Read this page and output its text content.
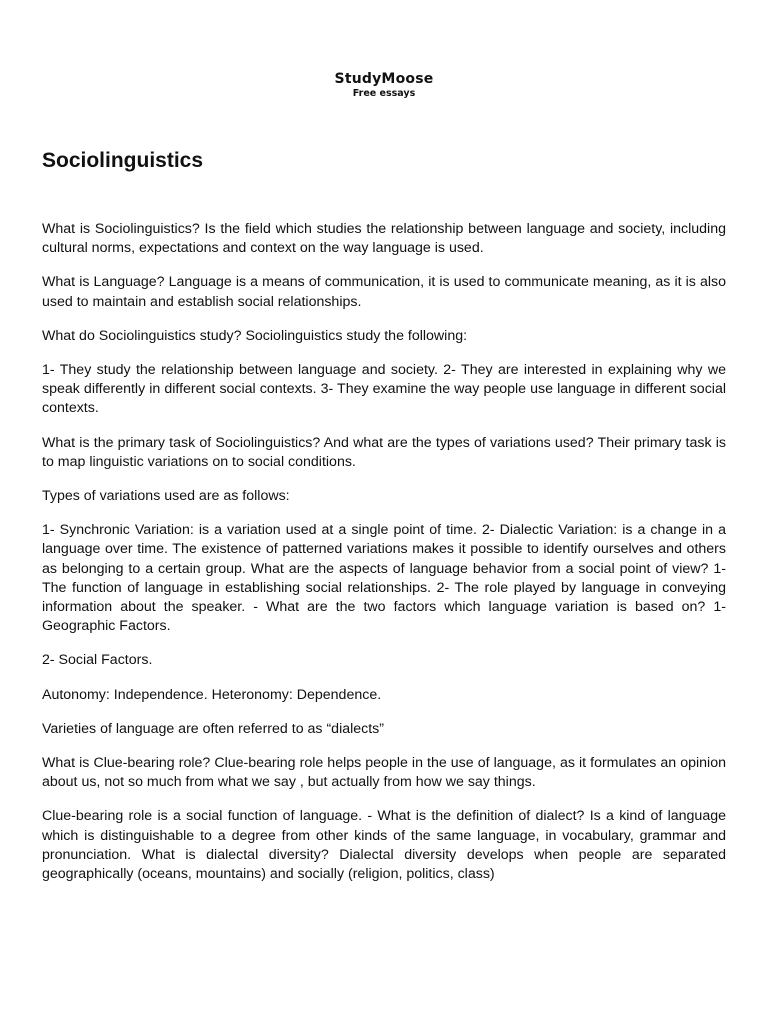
StudyMoose
Free essays
Sociolinguistics

What is Sociolinguistics? Is the field which studies the relationship between language and society, including cultural norms, expectations and context on the way language is used.

What is Language? Language is a means of communication, it is used to communicate meaning, as it is also used to maintain and establish social relationships.

What do Sociolinguistics study? Sociolinguistics study the following:

1- They study the relationship between language and society. 2- They are interested in explaining why we speak differently in different social contexts. 3- They examine the way people use language in different social contexts.

What is the primary task of Sociolinguistics? And what are the types of variations used? Their primary task is to map linguistic variations on to social conditions.

Types of variations used are as follows:

1- Synchronic Variation: is a variation used at a single point of time. 2- Dialectic Variation: is a change in a language over time. The existence of patterned variations makes it possible to identify ourselves and others as belonging to a certain group. What are the aspects of language behavior from a social point of view? 1- The function of language in establishing social relationships. 2- The role played by language in conveying information about the speaker. - What are the two factors which language variation is based on? 1- Geographic Factors.

2- Social Factors.

Autonomy: Independence. Heteronomy: Dependence.

Varieties of language are often referred to as “dialects”

What is Clue-bearing role? Clue-bearing role helps people in the use of language, as it formulates an opinion about us, not so much from what we say , but actually from how we say things.

Clue-bearing role is a social function of language. - What is the definition of dialect? Is a kind of language which is distinguishable to a degree from other kinds of the same language, in vocabulary, grammar and pronunciation. What is dialectal diversity? Dialectal diversity develops when people are separated geographically (oceans, mountains) and socially (religion, politics, class)
